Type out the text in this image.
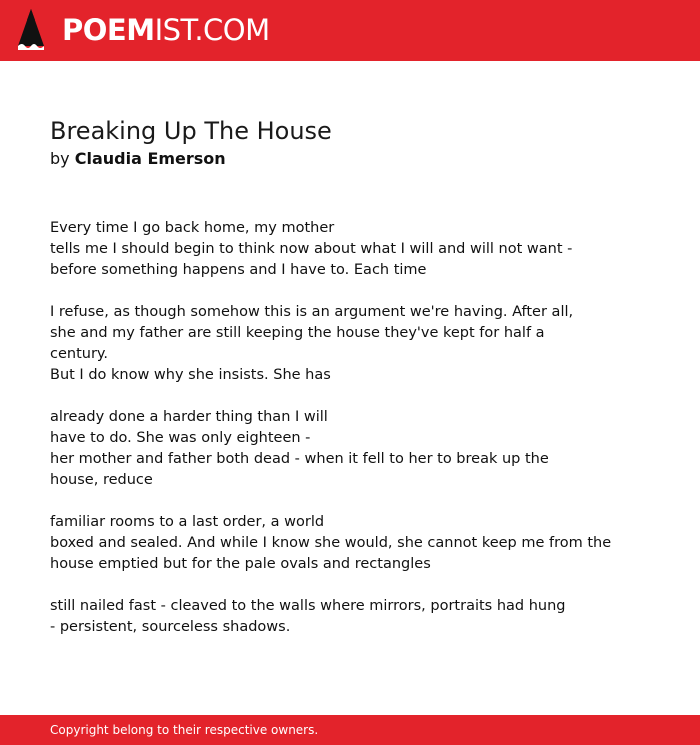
POEMIST.COM
Breaking Up The House
by Claudia Emerson
Every time I go back home, my mother
tells me I should begin to think now about what I will and will not want -
before something happens and I have to. Each time
I refuse, as though somehow this is an argument we're having. After all,
she and my father are still keeping the house they've kept for half a
century.
But I do know why she insists. She has
already done a harder thing than I will
have to do. She was only eighteen -
her mother and father both dead - when it fell to her to break up the
house, reduce
familiar rooms to a last order, a world
boxed and sealed. And while I know she would, she cannot keep me from the
house emptied but for the pale ovals and rectangles
still nailed fast - cleaved to the walls where mirrors, portraits had hung
- persistent, sourceless shadows.
Copyright belong to their respective owners.
